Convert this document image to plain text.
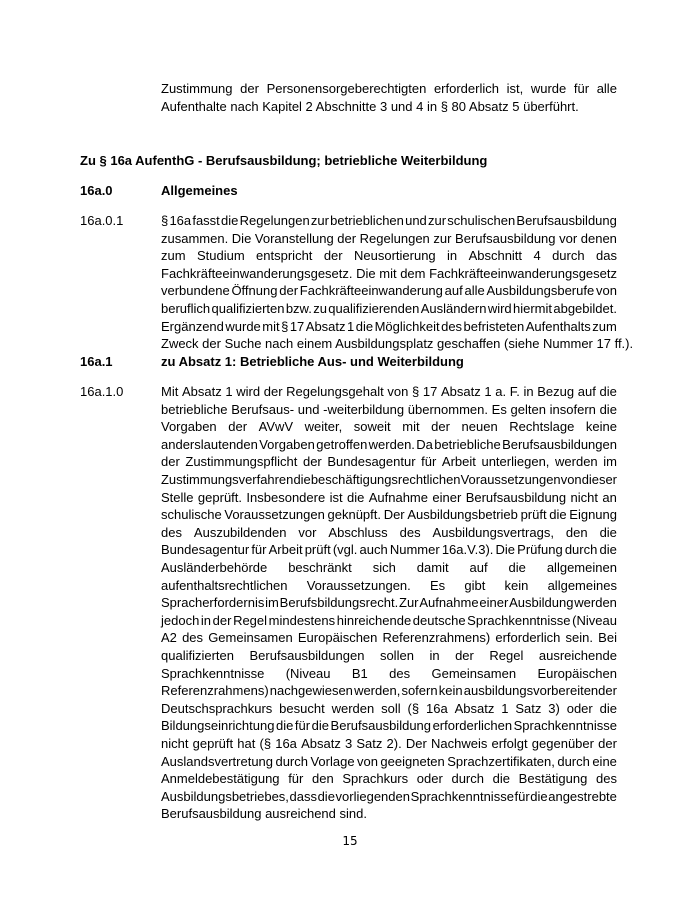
Zustimmung der Personensorgeberechtigten erforderlich ist, wurde für alle
Aufenthalte nach Kapitel 2 Abschnitte 3 und 4 in § 80 Absatz 5 überführt.
Zu § 16a AufenthG - Berufsausbildung; betriebliche Weiterbildung
16a.0	Allgemeines
16a.0.1	§ 16a fasst die Regelungen zur betrieblichen und zur schulischen Berufsausbildung
zusammen. Die Voranstellung der Regelungen zur Berufsausbildung vor denen
zum Studium entspricht der Neusortierung in Abschnitt 4 durch das
Fachkräfteeinwanderungsgesetz. Die mit dem Fachkräfteeinwanderungsgesetz
verbundene Öffnung der Fachkräfteeinwanderung auf alle Ausbildungsberufe von
beruflich qualifizierten bzw. zu qualifizierenden Ausländern wird hiermit abgebildet.
Ergänzend wurde mit § 17 Absatz 1 die Möglichkeit des befristeten Aufenthalts zum
Zweck der Suche nach einem Ausbildungsplatz geschaffen (siehe Nummer 17 ff.).
16a.1	zu Absatz 1: Betriebliche Aus- und Weiterbildung
16a.1.0	Mit Absatz 1 wird der Regelungsgehalt von § 17 Absatz 1 a. F. in Bezug auf die
betriebliche Berufsaus- und -weiterbildung übernommen. Es gelten insofern die
Vorgaben der AVwV weiter, soweit mit der neuen Rechtslage keine
anderslautenden Vorgaben getroffen werden. Da betriebliche Berufsausbildungen
der Zustimmungspflicht der Bundesagentur für Arbeit unterliegen, werden im
Zustimmungsverfahren die beschäftigungsrechtlichen Voraussetzungen von dieser
Stelle geprüft. Insbesondere ist die Aufnahme einer Berufsausbildung nicht an
schulische Voraussetzungen geknüpft. Der Ausbildungsbetrieb prüft die Eignung
des Auszubildenden vor Abschluss des Ausbildungsvertrags, den die
Bundesagentur für Arbeit prüft (vgl. auch Nummer 16a.V.3). Die Prüfung durch die
Ausländerbehörde beschränkt sich damit auf die allgemeinen
aufenthaltsrechtlichen Voraussetzungen. Es gibt kein allgemeines
Spracherfordernis im Berufsbildungsrecht. Zur Aufnahme einer Ausbildung werden
jedoch in der Regel mindestens hinreichende deutsche Sprachkenntnisse (Niveau
A2 des Gemeinsamen Europäischen Referenzrahmens) erforderlich sein. Bei
qualifizierten Berufsausbildungen sollen in der Regel ausreichende
Sprachkenntnisse (Niveau B1 des Gemeinsamen Europäischen
Referenzrahmens) nachgewiesen werden, sofern kein ausbildungsvorbereitender
Deutschsprachkurs besucht werden soll (§ 16a Absatz 1 Satz 3) oder die
Bildungseinrichtung die für die Berufsausbildung erforderlichen Sprachkenntnisse
nicht geprüft hat (§ 16a Absatz 3 Satz 2). Der Nachweis erfolgt gegenüber der
Auslandsvertretung durch Vorlage von geeigneten Sprachzertifikaten, durch eine
Anmeldebestätigung für den Sprachkurs oder durch die Bestätigung des
Ausbildungsbetriebes, dass die vorliegenden Sprachkenntnisse für die angestrebte
Berufsausbildung ausreichend sind.
15
